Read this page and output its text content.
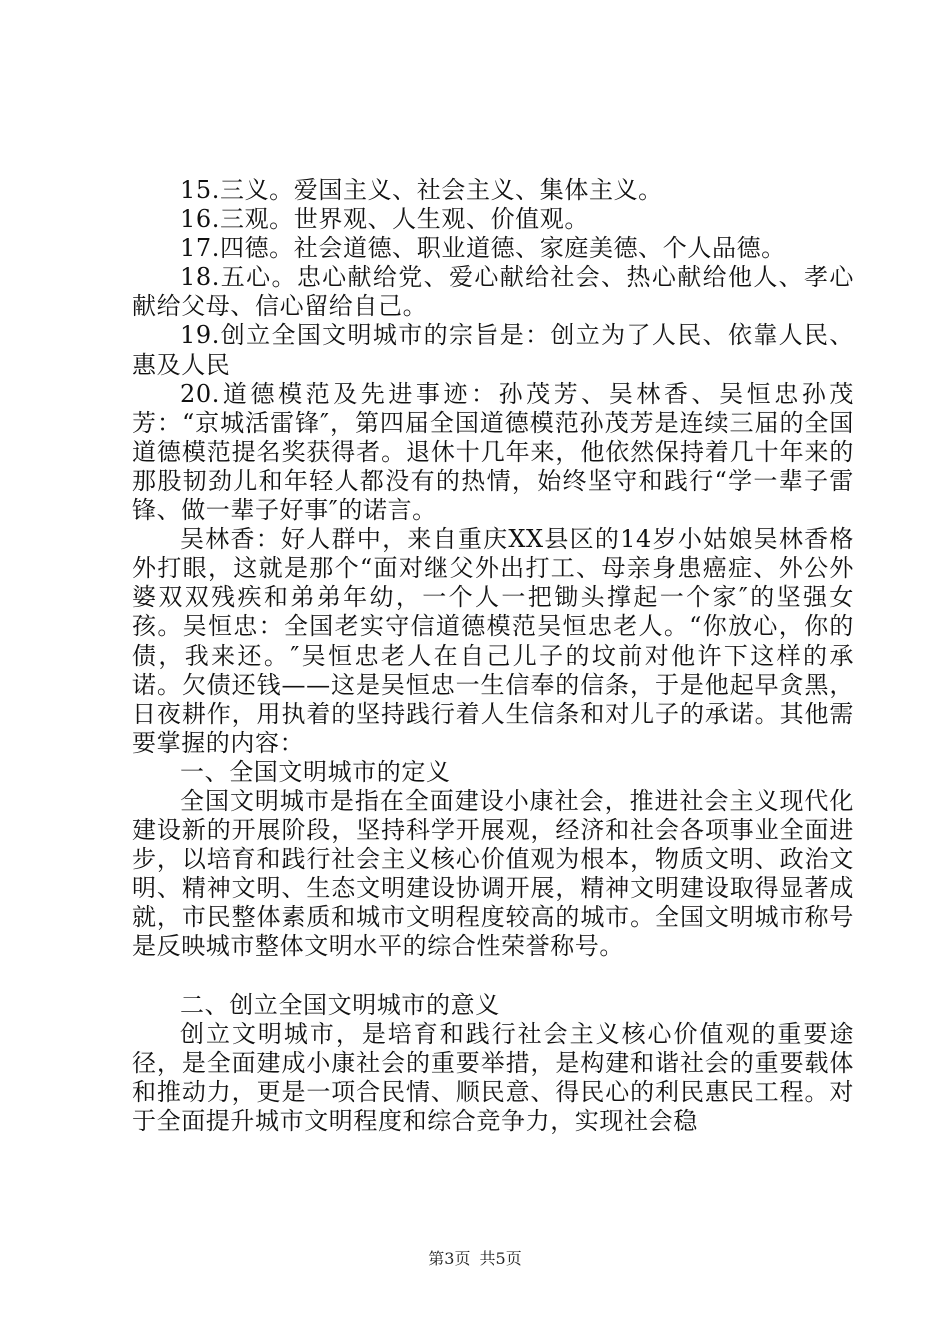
15.三义。爱国主义、社会主义、集体主义。

16.三观。世界观、人生观、价值观。

17.四德。社会道德、职业道德、家庭美德、个人品德。

18.五心。忠心献给党、爱心献给社会、热心献给他人、孝心献给父母、信心留给自己。

19.创立全国文明城市的宗旨是：创立为了人民、依靠人民、惠及人民

20.道德模范及先进事迹：孙茂芳、吴林香、吴恒忠孙茂芳：“京城活雷锋″，第四届全国道德模范孙茂芳是连续三届的全国道德模范提名奖获得者。退休十几年来，他依然保持着几十年来的那股韧劲儿和年轻人都没有的热情，始终坚守和践行“学一辈子雷锋、做一辈子好事″的诺言。

吴林香：好人群中，来自重庆XX县区的14岁小姑娘吴林香格外打眼，这就是那个“面对继父外出打工、母亲身患癌症、外公外婆双双残疾和弟弟年幼，一个人一把锄头撑起一个家″的坚强女孩。吴恒忠：全国老实守信道德模范吴恒忠老人。“你放心，你的债，我来还。″吴恒忠老人在自己儿子的坟前对他许下这样的承诺。欠债还钱——这是吴恒忠一生信奉的信条，于是他起早贪黑，日夜耕作，用执着的坚持践行着人生信条和对儿子的承诺。其他需要掌握的内容：

一、全国文明城市的定义

全国文明城市是指在全面建设小康社会，推进社会主义现代化建设新的开展阶段，坚持科学开展观，经济和社会各项事业全面进步，以培育和践行社会主义核心价值观为根本，物质文明、政治文明、精神文明、生态文明建设协调开展，精神文明建设取得显著成就，市民整体素质和城市文明程度较高的城市。全国文明城市称号是反映城市整体文明水平的综合性荣誉称号。

二、创立全国文明城市的意义

创立文明城市，是培育和践行社会主义核心价值观的重要途径，是全面建成小康社会的重要举措，是构建和谐社会的重要载体和推动力，更是一项合民情、顺民意、得民心的利民惠民工程。对于全面提升城市文明程度和综合竞争力，实现社会稳

第3页 共5页
